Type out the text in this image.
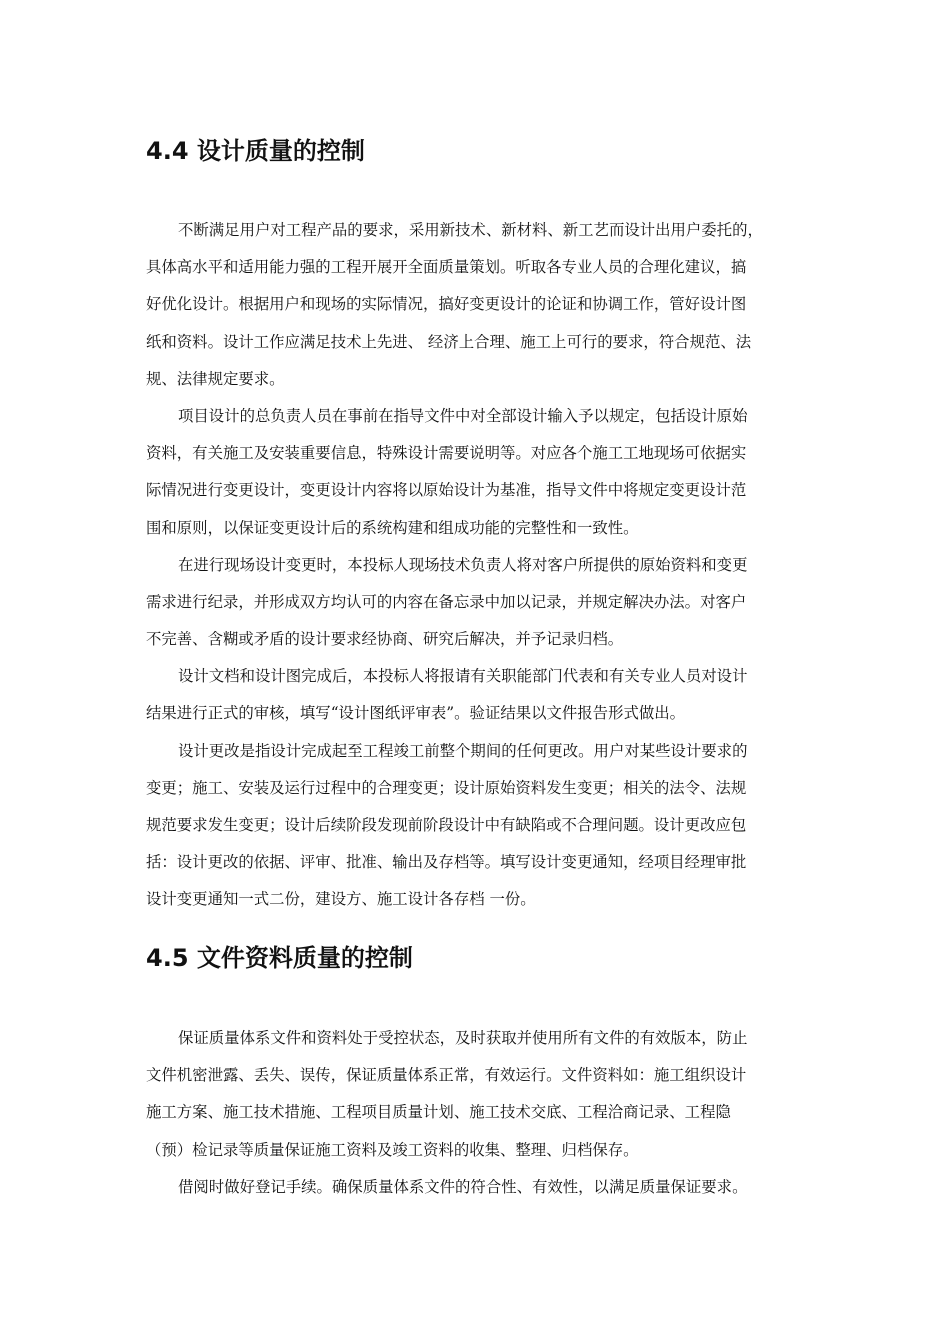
4.4 设计质量的控制
不断满足用户对工程产品的要求，采用新技术、新材料、新工艺而设计出用户委托的，
具体高水平和适用能力强的工程开展开全面质量策划。听取各专业人员的合理化建议，搞
好优化设计。根据用户和现场的实际情况，搞好变更设计的论证和协调工作，管好设计图
纸和资料。设计工作应满足技术上先进、 经济上合理、施工上可行的要求，符合规范、法
规、法律规定要求。
项目设计的总负责人员在事前在指导文件中对全部设计输入予以规定，包括设计原始
资料，有关施工及安装重要信息，特殊设计需要说明等。对应各个施工工地现场可依据实
际情况进行变更设计，变更设计内容将以原始设计为基准，指导文件中将规定变更设计范
围和原则，以保证变更设计后的系统构建和组成功能的完整性和一致性。
在进行现场设计变更时，本投标人现场技术负责人将对客户所提供的原始资料和变更
需求进行纪录，并形成双方均认可的内容在备忘录中加以记录，并规定解决办法。对客户
不完善、含糊或矛盾的设计要求经协商、研究后解决，并予记录归档。
设计文档和设计图完成后，本投标人将报请有关职能部门代表和有关专业人员对设计
结果进行正式的审核，填写“设计图纸评审表”。验证结果以文件报告形式做出。
设计更改是指设计完成起至工程竣工前整个期间的任何更改。用户对某些设计要求的
变更；施工、安装及运行过程中的合理变更；设计原始资料发生变更；相关的法令、法规
规范要求发生变更；设计后续阶段发现前阶段设计中有缺陷或不合理问题。设计更改应包
括：设计更改的依据、评审、批准、输出及存档等。填写设计变更通知，经项目经理审批
设计变更通知一式二份，建设方、施工设计各存档 一份。
4.5 文件资料质量的控制
保证质量体系文件和资料处于受控状态，及时获取并使用所有文件的有效版本，防止
文件机密泄露、丢失、误传，保证质量体系正常，有效运行。文件资料如：施工组织设计
施工方案、施工技术措施、工程项目质量计划、施工技术交底、工程洽商记录、工程隐
（预）检记录等质量保证施工资料及竣工资料的收集、整理、归档保存。
借阅时做好登记手续。确保质量体系文件的符合性、有效性，以满足质量保证要求。
